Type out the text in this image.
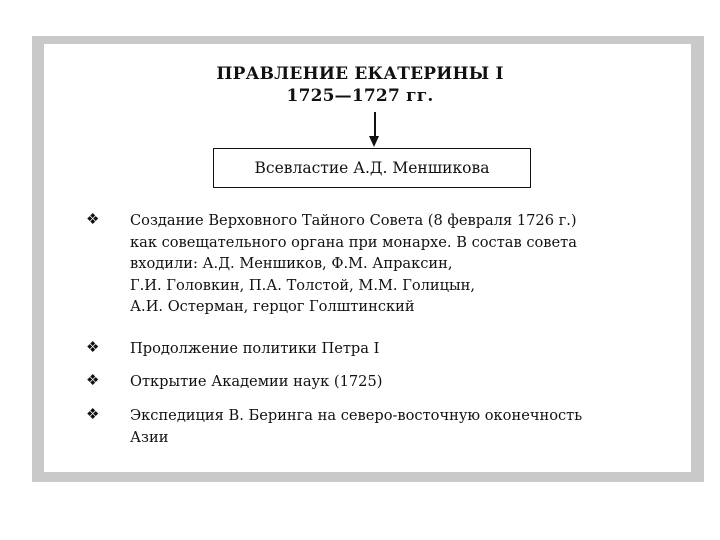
ПРАВЛЕНИЕ ЕКАТЕРИНЫ I
1725—1727 гг.
Всевластие А.Д. Меншикова
❖ Создание Верховного Тайного Совета (8 февраля 1726 г.)
как совещательного органа при монархе. В состав совета
входили: А.Д. Меншиков, Ф.М. Апраксин,
Г.И. Головкин, П.А. Толстой, М.М. Голицын,
А.И. Остерман, герцог Голштинский
❖ Продолжение политики Петра I
❖ Открытие Академии наук (1725)
❖ Экспедиция В. Беринга на северо-восточную оконечность
Азии
